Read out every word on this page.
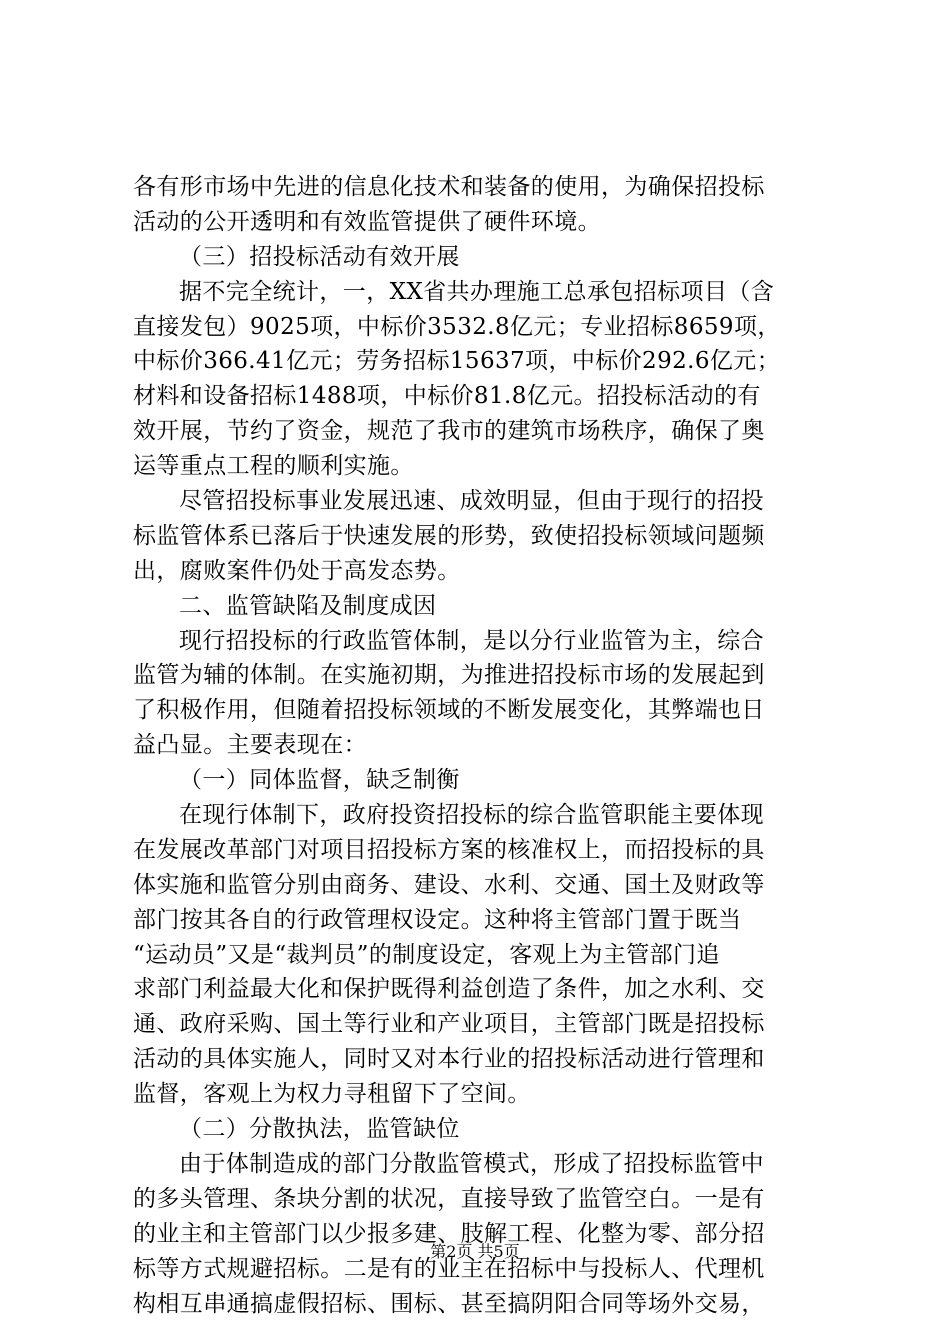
各有形市场中先进的信息化技术和装备的使用，为确保招投标
活动的公开透明和有效监管提供了硬件环境。
（三）招投标活动有效开展
据不完全统计，一，XX省共办理施工总承包招标项目（含
直接发包）9025项，中标价3532.8亿元；专业招标8659项，
中标价366.41亿元；劳务招标15637项，中标价292.6亿元；
材料和设备招标1488项，中标价81.8亿元。招投标活动的有
效开展，节约了资金，规范了我市的建筑市场秩序，确保了奥
运等重点工程的顺利实施。
尽管招投标事业发展迅速、成效明显，但由于现行的招投
标监管体系已落后于快速发展的形势，致使招投标领域问题频
出，腐败案件仍处于高发态势。
二、监管缺陷及制度成因
现行招投标的行政监管体制，是以分行业监管为主，综合
监管为辅的体制。在实施初期，为推进招投标市场的发展起到
了积极作用，但随着招投标领域的不断发展变化，其弊端也日
益凸显。主要表现在：
（一）同体监督，缺乏制衡
在现行体制下，政府投资招投标的综合监管职能主要体现
在发展改革部门对项目招投标方案的核准权上，而招投标的具
体实施和监管分别由商务、建设、水利、交通、国土及财政等
部门按其各自的行政管理权设定。这种将主管部门置于既当
“运动员”又是“裁判员”的制度设定，客观上为主管部门追
求部门利益最大化和保护既得利益创造了条件，加之水利、交
通、政府采购、国土等行业和产业项目，主管部门既是招投标
活动的具体实施人，同时又对本行业的招投标活动进行管理和
监督，客观上为权力寻租留下了空间。
（二）分散执法，监管缺位
由于体制造成的部门分散监管模式，形成了招投标监管中
的多头管理、条块分割的状况，直接导致了监管空白。一是有
的业主和主管部门以少报多建、肢解工程、化整为零、部分招
标等方式规避招标。二是有的业主在招标中与投标人、代理机
构相互串通搞虚假招标、围标、甚至搞阴阳合同等场外交易，
第2页 共5页
